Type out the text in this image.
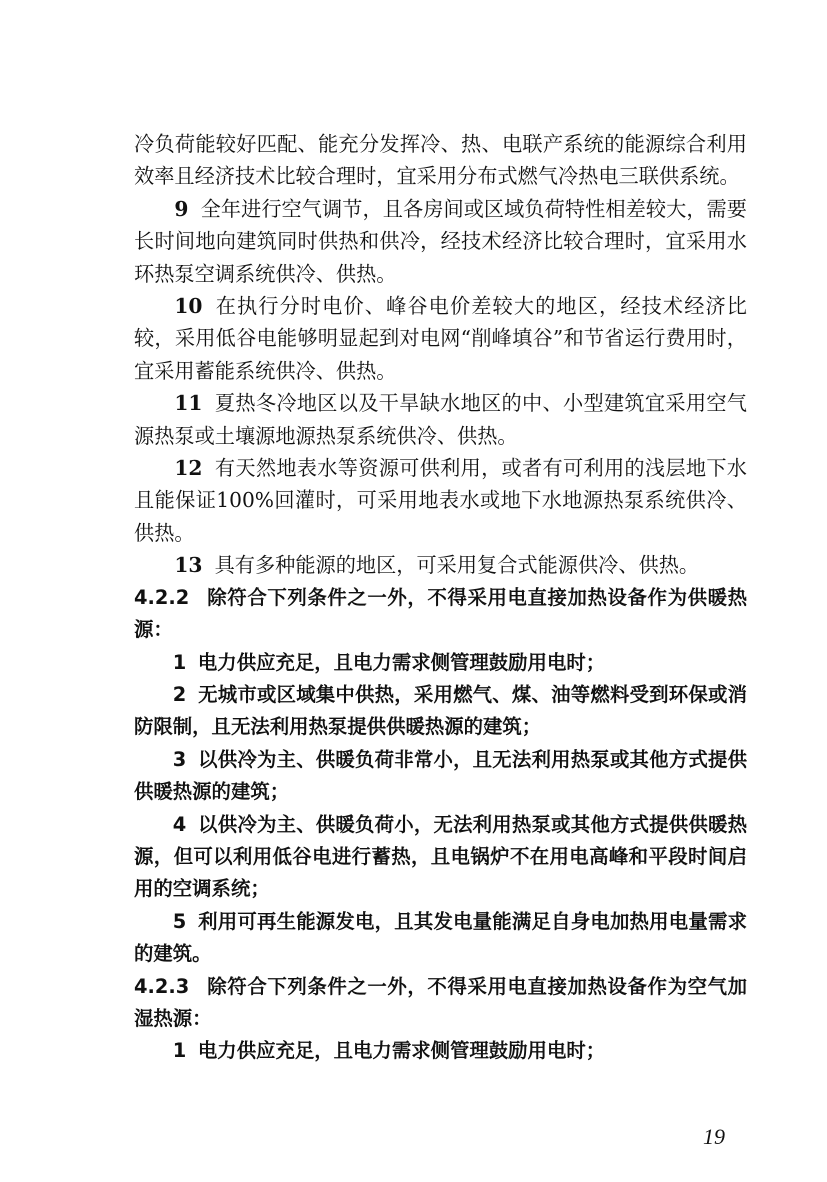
冷负荷能较好匹配、能充分发挥冷、热、电联产系统的能源综合利用效率且经济技术比较合理时，宜采用分布式燃气冷热电三联供系统。

9 全年进行空气调节，且各房间或区域负荷特性相差较大，需要长时间地向建筑同时供热和供冷，经技术经济比较合理时，宜采用水环热泵空调系统供冷、供热。

10 在执行分时电价、峰谷电价差较大的地区，经技术经济比较，采用低谷电能够明显起到对电网“削峰填谷”和节省运行费用时，宜采用蓄能系统供冷、供热。

11 夏热冬冷地区以及干旱缺水地区的中、小型建筑宜采用空气源热泵或土壤源地源热泵系统供冷、供热。

12 有天然地表水等资源可供利用，或者有可利用的浅层地下水且能保证100%回灌时，可采用地表水或地下水地源热泵系统供冷、供热。

13 具有多种能源的地区，可采用复合式能源供冷、供热。

4.2.2 除符合下列条件之一外，不得采用电直接加热设备作为供暖热源：

1 电力供应充足，且电力需求侧管理鼓励用电时；

2 无城市或区域集中供热，采用燃气、煤、油等燃料受到环保或消防限制，且无法利用热泵提供供暖热源的建筑；

3 以供冷为主、供暖负荷非常小，且无法利用热泵或其他方式提供供暖热源的建筑；

4 以供冷为主、供暖负荷小，无法利用热泵或其他方式提供供暖热源，但可以利用低谷电进行蓄热，且电锅炉不在用电高峰和平段时间启用的空调系统；

5 利用可再生能源发电，且其发电量能满足自身电加热用电量需求的建筑。

4.2.3 除符合下列条件之一外，不得采用电直接加热设备作为空气加湿热源：

1 电力供应充足，且电力需求侧管理鼓励用电时；

19
